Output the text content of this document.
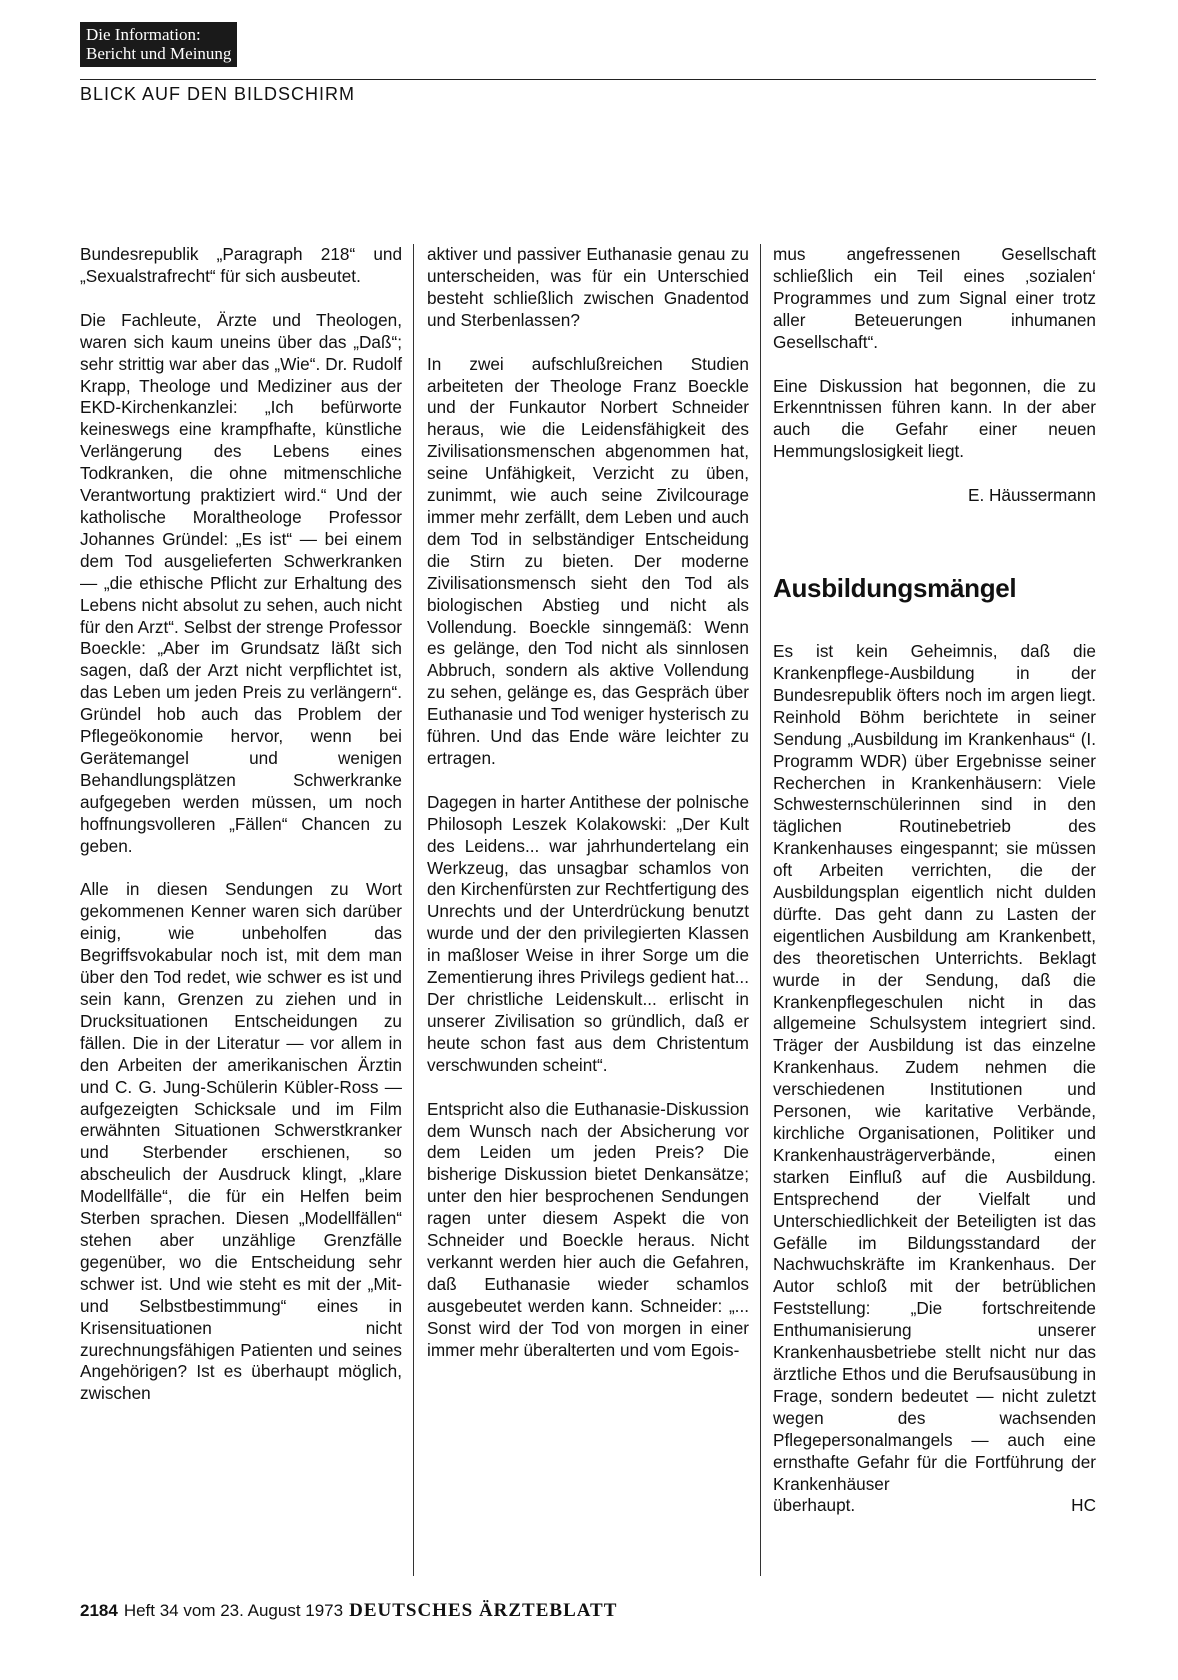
Die Information:
Bericht und Meinung
BLICK AUF DEN BILDSCHIRM

Bundesrepublik „Paragraph 218“ und „Sexualstrafrecht“ für sich ausbeutet.

Die Fachleute, Ärzte und Theologen, waren sich kaum uneins über das „Daß“; sehr strittig war aber das „Wie“. Dr. Rudolf Krapp, Theologe und Mediziner aus der EKD-Kirchenkanzlei: „Ich befürworte keineswegs eine krampfhafte, künstliche Verlängerung des Lebens eines Todkranken, die ohne mitmenschliche Verantwortung praktiziert wird.“ Und der katholische Moraltheologe Professor Johannes Gründel: „Es ist“ — bei einem dem Tod ausgelieferten Schwerkranken — „die ethische Pflicht zur Erhaltung des Lebens nicht absolut zu sehen, auch nicht für den Arzt“. Selbst der strenge Professor Boeckle: „Aber im Grundsatz läßt sich sagen, daß der Arzt nicht verpflichtet ist, das Leben um jeden Preis zu verlängern“. Gründel hob auch das Problem der Pflegeökonomie hervor, wenn bei Gerätemangel und wenigen Behandlungsplätzen Schwerkranke aufgegeben werden müssen, um noch hoffnungsvolleren „Fällen“ Chancen zu geben.

Alle in diesen Sendungen zu Wort gekommenen Kenner waren sich darüber einig, wie unbeholfen das Begriffsvokabular noch ist, mit dem man über den Tod redet, wie schwer es ist und sein kann, Grenzen zu ziehen und in Drucksituationen Entscheidungen zu fällen. Die in der Literatur — vor allem in den Arbeiten der amerikanischen Ärztin und C. G. Jung-Schülerin Kübler-Ross — aufgezeigten Schicksale und im Film erwähnten Situationen Schwerstkranker und Sterbender erschienen, so abscheulich der Ausdruck klingt, „klare Modellfälle“, die für ein Helfen beim Sterben sprachen. Diesen „Modellfällen“ stehen aber unzählige Grenzfälle gegenüber, wo die Entscheidung sehr schwer ist. Und wie steht es mit der „Mit- und Selbstbestimmung“ eines in Krisensituationen nicht zurechnungsfähigen Patienten und seines Angehörigen? Ist es überhaupt möglich, zwischen

aktiver und passiver Euthanasie genau zu unterscheiden, was für ein Unterschied besteht schließlich zwischen Gnadentod und Sterbenlassen?

In zwei aufschlußreichen Studien arbeiteten der Theologe Franz Boeckle und der Funkautor Norbert Schneider heraus, wie die Leidensfähigkeit des Zivilisationsmenschen abgenommen hat, seine Unfähigkeit, Verzicht zu üben, zunimmt, wie auch seine Zivilcourage immer mehr zerfällt, dem Leben und auch dem Tod in selbständiger Entscheidung die Stirn zu bieten. Der moderne Zivilisationsmensch sieht den Tod als biologischen Abstieg und nicht als Vollendung. Boeckle sinngemäß: Wenn es gelänge, den Tod nicht als sinnlosen Abbruch, sondern als aktive Vollendung zu sehen, gelänge es, das Gespräch über Euthanasie und Tod weniger hysterisch zu führen. Und das Ende wäre leichter zu ertragen.

Dagegen in harter Antithese der polnische Philosoph Leszek Kolakowski: „Der Kult des Leidens... war jahrhundertelang ein Werkzeug, das unsagbar schamlos von den Kirchenfürsten zur Rechtfertigung des Unrechts und der Unterdrückung benutzt wurde und der den privilegierten Klassen in maßloser Weise in ihrer Sorge um die Zementierung ihres Privilegs gedient hat... Der christliche Leidenskult... erlischt in unserer Zivilisation so gründlich, daß er heute schon fast aus dem Christentum verschwunden scheint“.

Entspricht also die Euthanasie-Diskussion dem Wunsch nach der Absicherung vor dem Leiden um jeden Preis? Die bisherige Diskussion bietet Denkansätze; unter den hier besprochenen Sendungen ragen unter diesem Aspekt die von Schneider und Boeckle heraus. Nicht verkannt werden hier auch die Gefahren, daß Euthanasie wieder schamlos ausgebeutet werden kann. Schneider: „... Sonst wird der Tod von morgen in einer immer mehr überalterten und vom Egois-

mus angefressenen Gesellschaft schließlich ein Teil eines ‚sozialen‘ Programmes und zum Signal einer trotz aller Beteuerungen inhumanen Gesellschaft“.

Eine Diskussion hat begonnen, die zu Erkenntnissen führen kann. In der aber auch die Gefahr einer neuen Hemmungslosigkeit liegt.

E. Häussermann

Ausbildungsmängel

Es ist kein Geheimnis, daß die Krankenpflege-Ausbildung in der Bundesrepublik öfters noch im argen liegt. Reinhold Böhm berichtete in seiner Sendung „Ausbildung im Krankenhaus“ (I. Programm WDR) über Ergebnisse seiner Recherchen in Krankenhäusern: Viele Schwesternschülerinnen sind in den täglichen Routinebetrieb des Krankenhauses eingespannt; sie müssen oft Arbeiten verrichten, die der Ausbildungsplan eigentlich nicht dulden dürfte. Das geht dann zu Lasten der eigentlichen Ausbildung am Krankenbett, des theoretischen Unterrichts. Beklagt wurde in der Sendung, daß die Krankenpflegeschulen nicht in das allgemeine Schulsystem integriert sind. Träger der Ausbildung ist das einzelne Krankenhaus. Zudem nehmen die verschiedenen Institutionen und Personen, wie karitative Verbände, kirchliche Organisationen, Politiker und Krankenhausträgerverbände, einen starken Einfluß auf die Ausbildung. Entsprechend der Vielfalt und Unterschiedlichkeit der Beteiligten ist das Gefälle im Bildungsstandard der Nachwuchskräfte im Krankenhaus. Der Autor schloß mit der betrüblichen Feststellung: „Die fortschreitende Enthumanisierung unserer Krankenhausbetriebe stellt nicht nur das ärztliche Ethos und die Berufsausübung in Frage, sondern bedeutet — nicht zuletzt wegen des wachsenden Pflegepersonalmangels — auch eine ernsthafte Gefahr für die Fortführung der Krankenhäuser

überhaupt.	HC
2184 Heft 34 vom 23. August 1973 DEUTSCHES ÄRZTEBLATT
